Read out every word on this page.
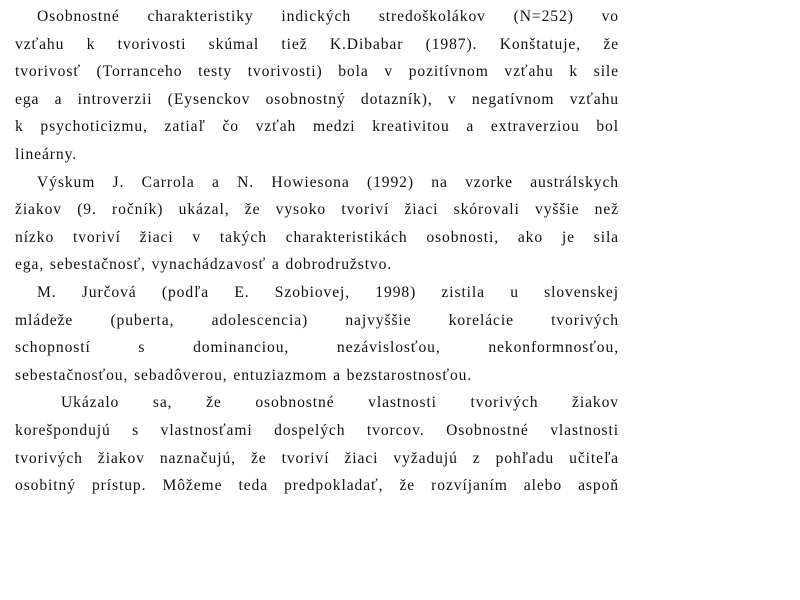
Osobnostné charakteristiky indických stredoškolákov (N=252) vo
vzťahu k tvorivosti skúmal tiež K.Dibabar (1987). Konštatuje, že
tvorivosť (Torranceho testy tvorivosti) bola v pozitívnom vzťahu k sile
ega a introverzii (Eysenckov osobnostný dotazník), v negatívnom vzťahu
k psychoticizmu, zatiaľ čo vzťah medzi kreativitou a extraverziou bol
lineárny.
Výskum J. Carrola a N. Howiesona (1992) na vzorke austrálskych
žiakov (9. ročník) ukázal, že vysoko tvoriví žiaci skórovali vyššie než
nízko tvoriví žiaci v takých charakteristikách osobnosti, ako je sila
ega, sebestačnosť, vynachádzavosť a dobrodružstvo.
M. Jurčová (podľa E. Szobiovej, 1998) zistila u slovenskej
mládeže (puberta, adolescencia) najvyššie korelácie tvorivých
schopností s dominanciou, nezávislosťou, nekonformnosťou,
sebestačnosťou, sebadôverou, entuziazmom a bezstarostnosťou.
Ukázalo sa, že osobnostné vlastnosti tvorivých žiakov
korešpondujú s vlastnosťami dospelých tvorcov. Osobnostné vlastnosti
tvorivých žiakov naznačujú, že tvoriví žiaci vyžadujú z pohľadu učiteľa
osobitný prístup. Môžeme teda predpokladať, že rozvíjaním alebo aspoň
